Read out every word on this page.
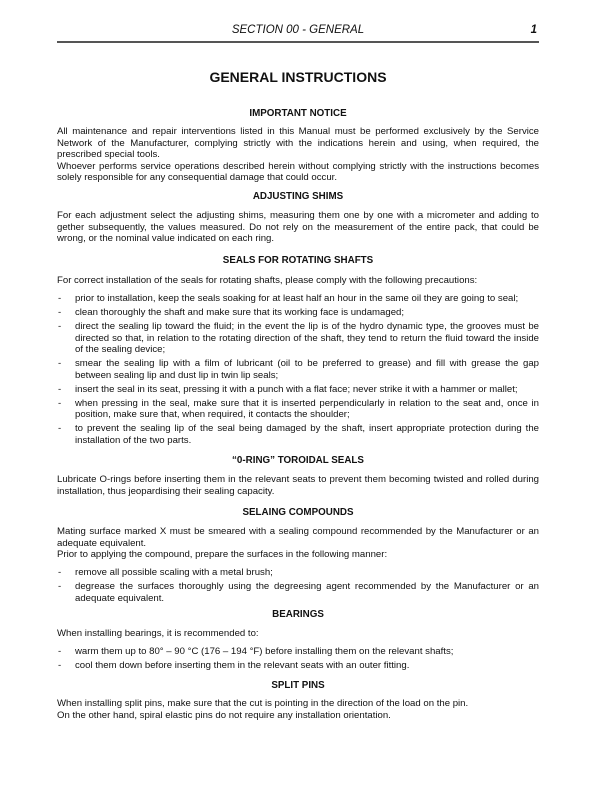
SECTION 00 - GENERAL	1
GENERAL INSTRUCTIONS
IMPORTANT NOTICE
All maintenance and repair interventions listed in this Manual must be performed exclusively by the Service Network of the Manufacturer, complying strictly with the indications herein and using, when required, the prescribed special tools.
Whoever performs service operations described herein without complying strictly with the instructions becomes solely responsible for any consequential damage that could occur.
ADJUSTING SHIMS
For each adjustment select the adjusting shims, measuring them one by one with a micrometer and adding to gether subsequently, the values measured. Do not rely on the measurement of the entire pack, that could be wrong, or the nominal value indicated on each ring.
SEALS FOR ROTATING SHAFTS
For correct installation of the seals for rotating shafts, please comply with the following precautions:
- prior to installation, keep the seals soaking for at least half an hour in the same oil they are going to seal;
- clean thoroughly the shaft and make sure that its working face is undamaged;
- direct the sealing lip toward the fluid; in the event the lip is of the hydro dynamic type, the grooves must be directed so that, in relation to the rotating direction of the shaft, they tend to return the fluid toward the inside of the sealing device;
- smear the sealing lip with a film of lubricant (oil to be preferred to grease) and fill with grease the gap between sealing lip and dust lip in twin lip seals;
- insert the seal in its seat, pressing it with a punch with a flat face; never strike it with a hammer or mallet;
- when pressing in the seal, make sure that it is inserted perpendicularly in relation to the seat and, once in position, make sure that, when required, it contacts the shoulder;
- to prevent the sealing lip of the seal being damaged by the shaft, insert appropriate protection during the installation of the two parts.
“0-RING” TOROIDAL SEALS
Lubricate O-rings before inserting them in the relevant seats to prevent them becoming twisted and rolled during installation, thus jeopardising their sealing capacity.
SELAING COMPOUNDS
Mating surface marked X must be smeared with a sealing compound recommended by the Manufacturer or an adequate equivalent.
Prior to applying the compound, prepare the surfaces in the following manner:
- remove all possible scaling with a metal brush;
- degrease the surfaces thoroughly using the degreesing agent recommended by the Manufacturer or an adequate equivalent.
BEARINGS
When installing bearings, it is recommended to:
- warm them up to 80° – 90 °C (176 – 194 °F) before installing them on the relevant shafts;
- cool them down before inserting them in the relevant seats with an outer fitting.
SPLIT PINS
When installing split pins, make sure that the cut is pointing in the direction of the load on the pin.
On the other hand, spiral elastic pins do not require any installation orientation.
